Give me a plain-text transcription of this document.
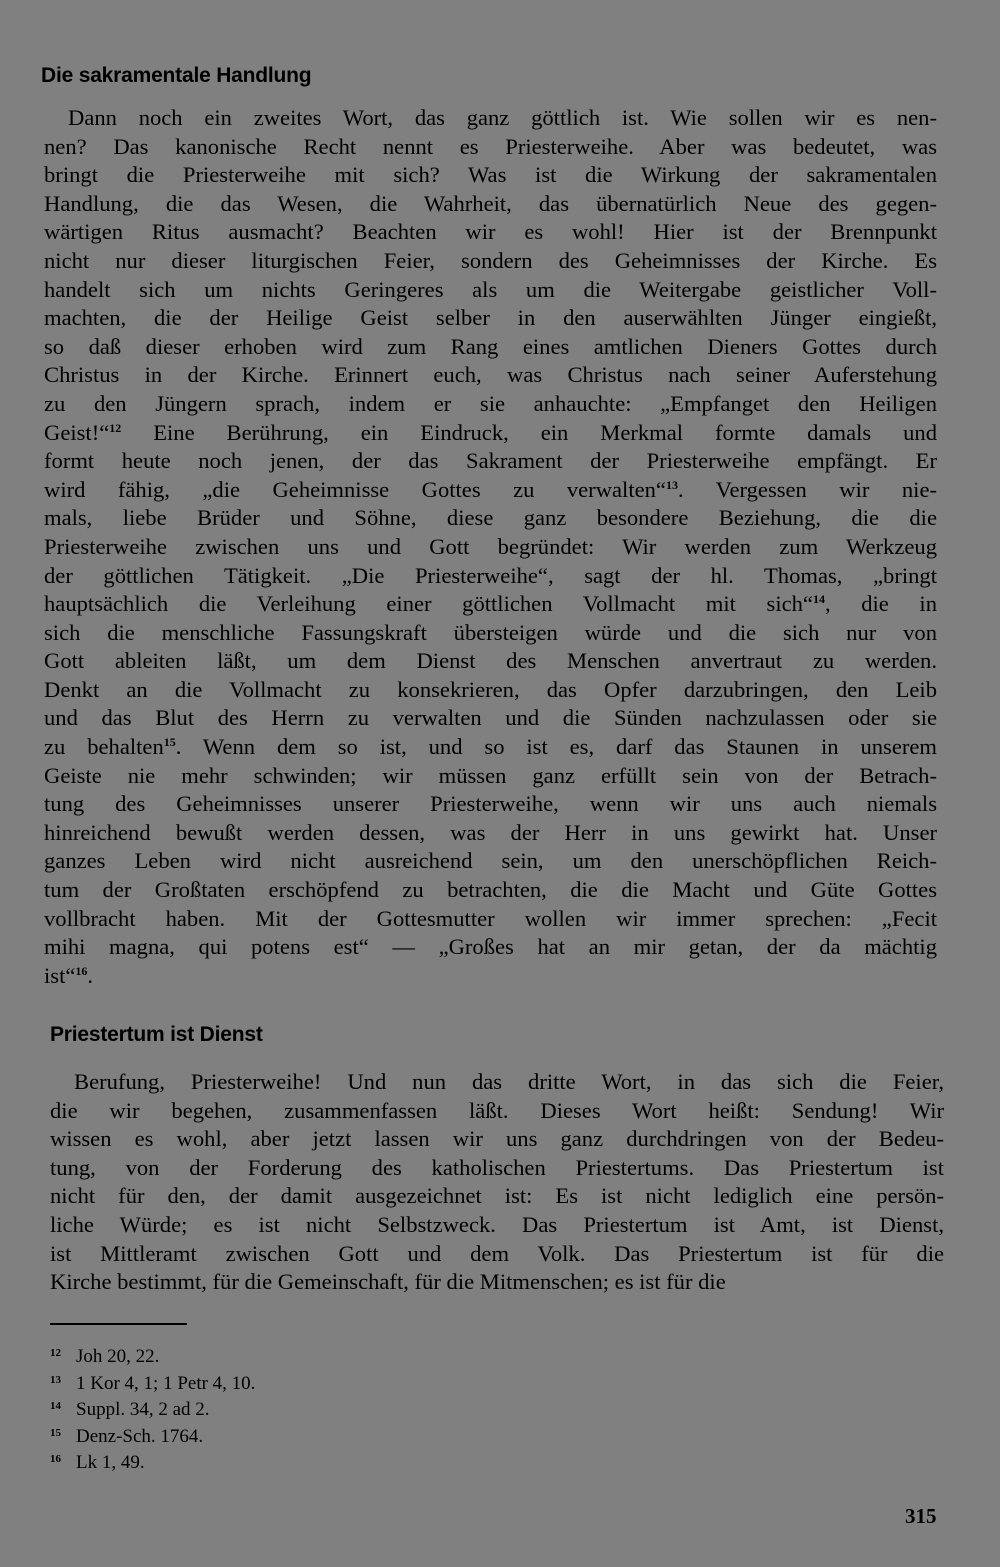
Die sakramentale Handlung
Dann noch ein zweites Wort, das ganz göttlich ist. Wie sollen wir es nen-
nen? Das kanonische Recht nennt es Priesterweihe. Aber was bedeutet, was
bringt die Priesterweihe mit sich? Was ist die Wirkung der sakramentalen
Handlung, die das Wesen, die Wahrheit, das übernatürlich Neue des gegen-
wärtigen Ritus ausmacht? Beachten wir es wohl! Hier ist der Brennpunkt
nicht nur dieser liturgischen Feier, sondern des Geheimnisses der Kirche. Es
handelt sich um nichts Geringeres als um die Weitergabe geistlicher Voll-
machten, die der Heilige Geist selber in den auserwählten Jünger eingießt,
so daß dieser erhoben wird zum Rang eines amtlichen Dieners Gottes durch
Christus in der Kirche. Erinnert euch, was Christus nach seiner Auferstehung
zu den Jüngern sprach, indem er sie anhauchte: „Empfanget den Heiligen
Geist!“$^{12}$ Eine Berührung, ein Eindruck, ein Merkmal formte damals und
formt heute noch jenen, der das Sakrament der Priesterweihe empfängt. Er
wird fähig, „die Geheimnisse Gottes zu verwalten“$^{13}$. Vergessen wir nie-
mals, liebe Brüder und Söhne, diese ganz besondere Beziehung, die die
Priesterweihe zwischen uns und Gott begründet: Wir werden zum Werkzeug
der göttlichen Tätigkeit. „Die Priesterweihe“, sagt der hl. Thomas, „bringt
hauptsächlich die Verleihung einer göttlichen Vollmacht mit sich“$^{14}$, die in
sich die menschliche Fassungskraft übersteigen würde und die sich nur von
Gott ableiten läßt, um dem Dienst des Menschen anvertraut zu werden.
Denkt an die Vollmacht zu konsekrieren, das Opfer darzubringen, den Leib
und das Blut des Herrn zu verwalten und die Sünden nachzulassen oder sie
zu behalten$^{15}$. Wenn dem so ist, und so ist es, darf das Staunen in unserem
Geiste nie mehr schwinden; wir müssen ganz erfüllt sein von der Betrach-
tung des Geheimnisses unserer Priesterweihe, wenn wir uns auch niemals
hinreichend bewußt werden dessen, was der Herr in uns gewirkt hat. Unser
ganzes Leben wird nicht ausreichend sein, um den unerschöpflichen Reich-
tum der Großtaten erschöpfend zu betrachten, die die Macht und Güte Gottes
vollbracht haben. Mit der Gottesmutter wollen wir immer sprechen: „Fecit
mihi magna, qui potens est“ — „Großes hat an mir getan, der da mächtig
ist“$^{16}$.
Priestertum ist Dienst
Berufung, Priesterweihe! Und nun das dritte Wort, in das sich die Feier,
die wir begehen, zusammenfassen läßt. Dieses Wort heißt: Sendung! Wir
wissen es wohl, aber jetzt lassen wir uns ganz durchdringen von der Bedeu-
tung, von der Forderung des katholischen Priestertums. Das Priestertum ist
nicht für den, der damit ausgezeichnet ist: Es ist nicht lediglich eine persön-
liche Würde; es ist nicht Selbstzweck. Das Priestertum ist Amt, ist Dienst,
ist Mittleramt zwischen Gott und dem Volk. Das Priestertum ist für die
Kirche bestimmt, für die Gemeinschaft, für die Mitmenschen; es ist für die
12 Joh 20, 22.
13 1 Kor 4, 1; 1 Petr 4, 10.
14 Suppl. 34, 2 ad 2.
15 Denz-Sch. 1764.
16 Lk 1, 49.
315
